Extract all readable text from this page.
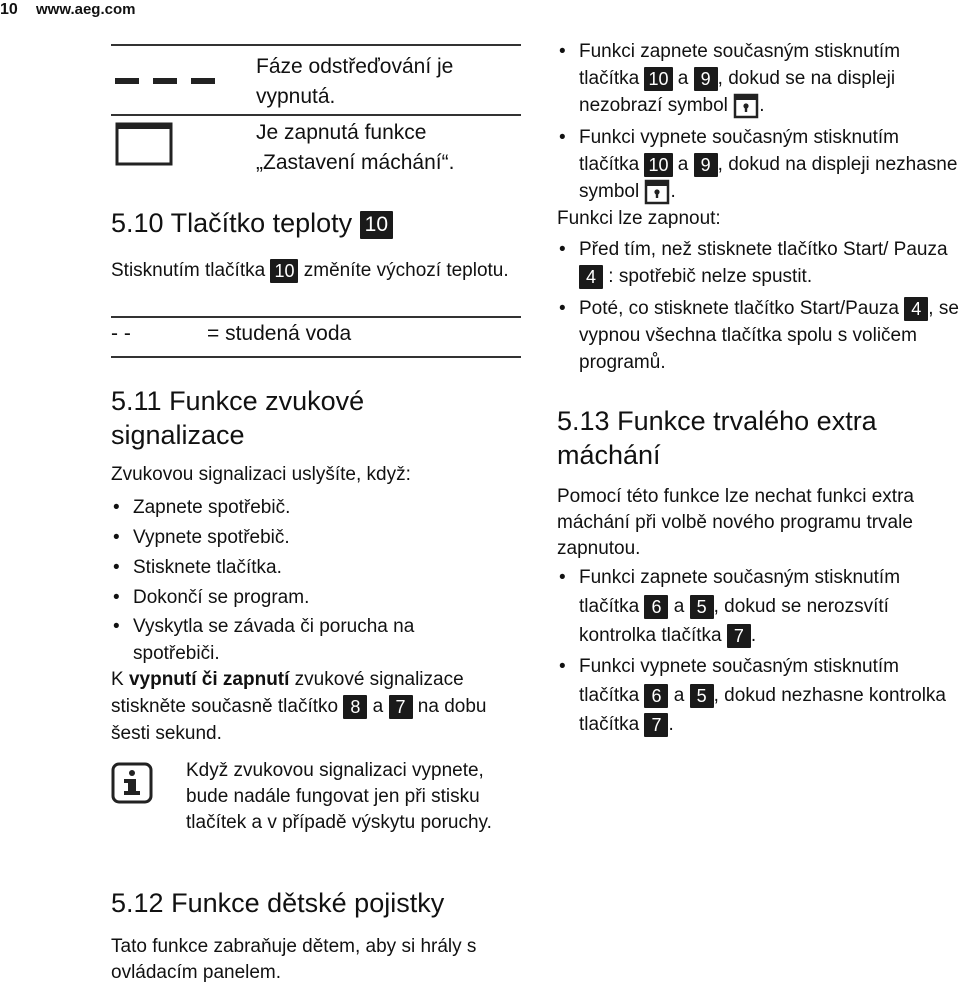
10 www.aeg.com
Fáze odstřeďování je vypnutá.
Je zapnutá funkce „Zastavení máchání“.
5.10 Tlačítko teploty 10
Stisknutím tlačítka 10 změníte výchozí teplotu.
- -	= studená voda
5.11 Funkce zvukové
signalizace
Zvukovou signalizaci uslyšíte, když:
• Zapnete spotřebič.
• Vypnete spotřebič.
• Stisknete tlačítka.
• Dokončí se program.
• Vyskytla se závada či porucha na spotřebiči.
K vypnutí či zapnutí zvukové signalizace stiskněte současně tlačítko 8 a 7 na dobu šesti sekund.
Když zvukovou signalizaci vypnete, bude nadále fungovat jen při stisku tlačítek a v případě výskytu poruchy.
5.12 Funkce dětské pojistky
Tato funkce zabraňuje dětem, aby si hrály s ovládacím panelem.
• Funkci zapnete současným stisknutím tlačítka 10 a 9 , dokud se na displeji nezobrazí symbol .
• Funkci vypnete současným stisknutím tlačítka 10 a 9 , dokud na displeji nezhasne symbol .
Funkci lze zapnout:
• Před tím, než stisknete tlačítko Start/ Pauza 4 : spotřebič nelze spustit.
• Poté, co stisknete tlačítko Start/Pauza 4 , se vypnou všechna tlačítka spolu s voličem programů.
5.13 Funkce trvalého extra
máchání
Pomocí této funkce lze nechat funkci extra máchání při volbě nového programu trvale zapnutou.
• Funkci zapnete současným stisknutím tlačítka 6 a 5 , dokud se nerozsvítí kontrolka tlačítka 7 .
• Funkci vypnete současným stisknutím tlačítka 6 a 5 , dokud nezhasne kontrolka tlačítka 7 .
